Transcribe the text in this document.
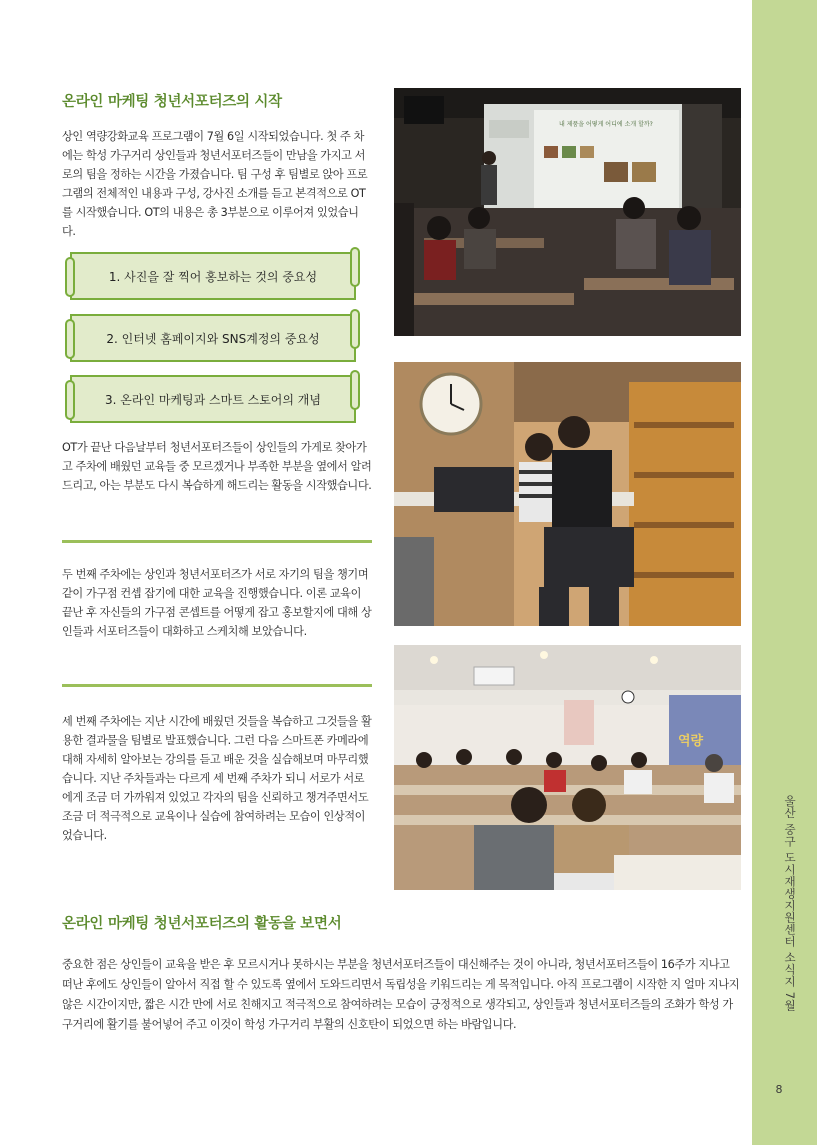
울산 중구 도시재생지원센터 소식지 7월
8
온라인 마케팅 청년서포터즈의 시작

상인 역량강화교육 프로그램이 7월 6일 시작되었습니다. 첫 주 차에는 학성 가구거리 상인들과 청년서포터즈들이 만남을 가지고 서로의 팀을 정하는 시간을 가졌습니다. 팀 구성 후 팀별로 앉아 프로그램의 전체적인 내용과 구성, 강사진 소개를 듣고 본격적으로 OT를 시작했습니다. OT의 내용은 총 3부분으로 이루어져 있었습니다.

1. 사진을 잘 찍어 홍보하는 것의 중요성
2. 인터넷 홈페이지와 SNS계정의 중요성
3. 온라인 마케팅과 스마트 스토어의 개념

OT가 끝난 다음날부터 청년서포터즈들이 상인들의 가게로 찾아가고 주차에 배웠던 교육들 중 모르겠거나 부족한 부분을 옆에서 알려드리고, 아는 부분도 다시 복습하게 해드리는 활동을 시작했습니다.

두 번째 주차에는 상인과 청년서포터즈가 서로 자기의 팀을 챙기며 같이 가구점 컨셉 잡기에 대한 교육을 진행했습니다. 이론 교육이 끝난 후 자신들의 가구점 콘셉트를 어떻게 잡고 홍보할지에 대해 상인들과 서포터즈들이 대화하고 스케치해 보았습니다.

세 번째 주차에는 지난 시간에 배웠던 것들을 복습하고 그것들을 활용한 결과물을 팀별로 발표했습니다. 그런 다음 스마트폰 카메라에 대해 자세히 알아보는 강의를 듣고 배운 것을 실습해보며 마무리했습니다. 지난 주차들과는 다르게 세 번째 주차가 되니 서로가 서로에게 조금 더 가까워져 있었고 각자의 팀을 신뢰하고 챙겨주면서도 조금 더 적극적으로 교육이나 실습에 참여하려는 모습이 인상적이었습니다.

내 제품을 어떻게 어디에 소개 할까?
역량
온라인 마케팅 청년서포터즈의 활동을 보면서

중요한 점은 상인들이 교육을 받은 후 모르시거나 못하시는 부분을 청년서포터즈들이 대신해주는 것이 아니라, 청년서포터즈들이 16주가 지나고 떠난 후에도 상인들이 알아서 직접 할 수 있도록 옆에서 도와드리면서 독립성을 키워드리는 게 목적입니다. 아직 프로그램이 시작한 지 얼마 지나지 않은 시간이지만, 짧은 시간 만에 서로 친해지고 적극적으로 참여하려는 모습이 긍정적으로 생각되고, 상인들과 청년서포터즈들의 조화가 학성 가구거리에 활기를 불어넣어 주고 이것이 학성 가구거리 부활의 신호탄이 되었으면 하는 바람입니다.
